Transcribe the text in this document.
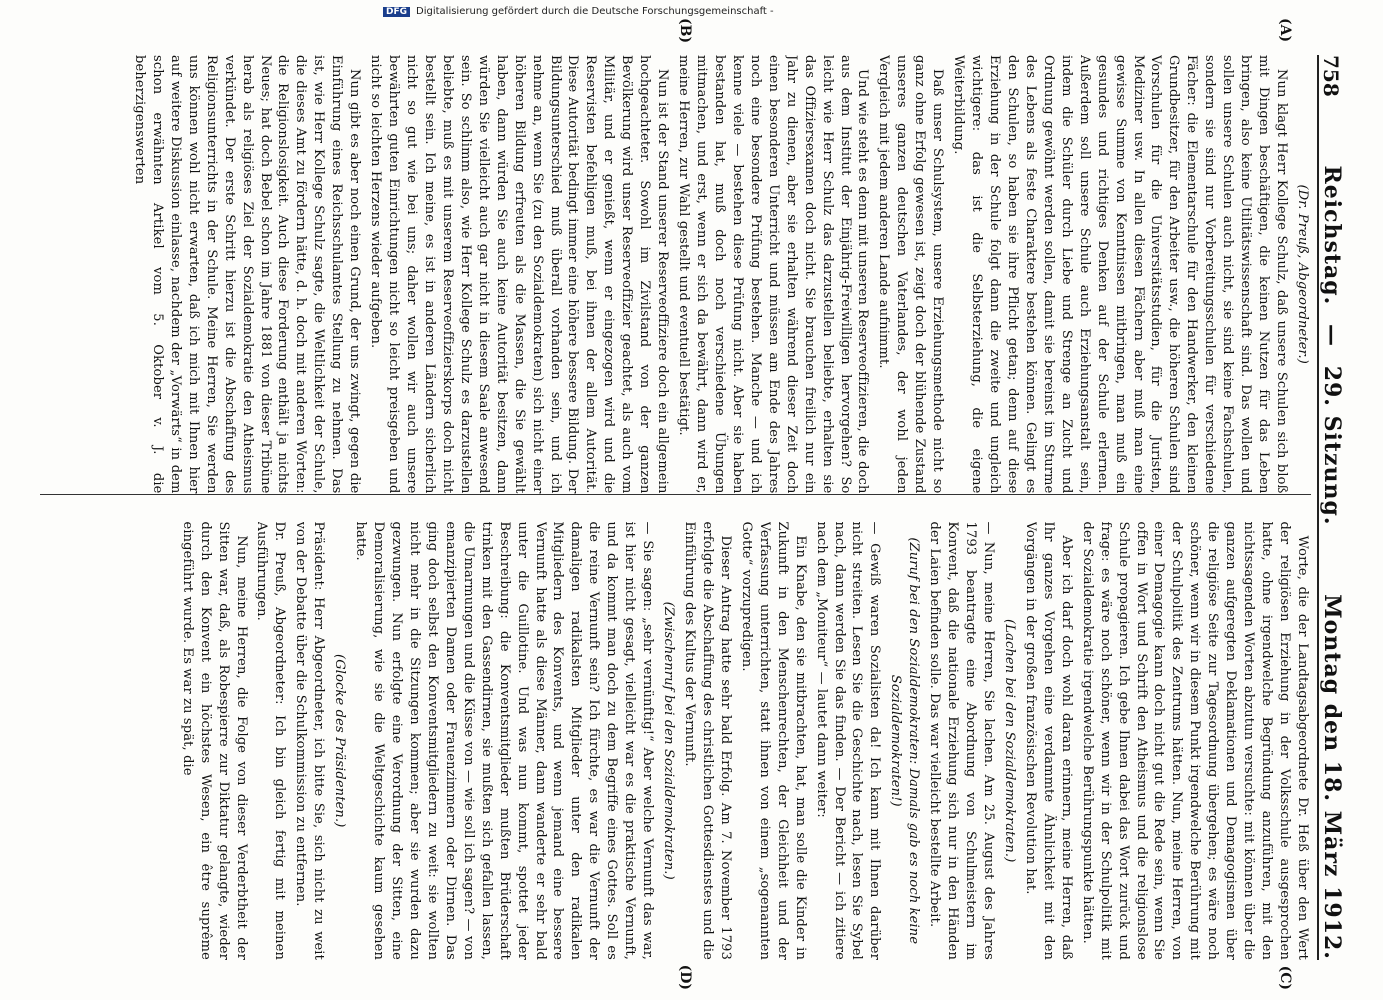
758
Reichstag. — 29. Sitzung.
Montag den 18. März 1912.
(A)
(B)
(C)
(D)

(Dr. Preuß, Abgeordneter.)

Nun klagt Herr Kollege Schulz, daß unsere Schulen sich bloß mit Dingen beschäftigen, die keinen Nutzen für das Leben bringen, also keine Utilitätswissenschaft sind. Das wollen und sollen unsere Schulen auch nicht, sie sind keine Fachschulen, sondern sie sind nur Vorbereitungsschulen für verschiedene Fächer: die Elementarschule für den Handwerker, den kleinen Grundbesitzer, für den Arbeiter usw., die höheren Schulen sind Vorschulen für die Universitätsstudien, für die Juristen, Mediziner usw. In allen diesen Fächern aber muß man eine gewisse Summe von Kenntnissen mitbringen, man muß ein gesundes und richtiges Denken auf der Schule erlernen. Außerdem soll unsere Schule auch Erziehungsanstalt sein, indem die Schüler durch Liebe und Strenge an Zucht und Ordnung gewöhnt werden sollen, damit sie bereinst im Sturme des Lebens als feste Charaktere bestehen können. Gelingt es den Schulen, so haben sie ihre Pflicht getan; denn auf diese Erziehung in der Schule folgt dann die zweite und ungleich wichtigere: das ist die Selbsterziehung, die eigene Weiterbildung.

Daß unser Schulsystem, unsere Erziehungsmethode nicht so ganz ohne Erfolg gewesen ist, zeigt doch der blühende Zustand unseres ganzen deutschen Vaterlandes, der wohl jeden Vergleich mit jedem anderen Lande aufnimmt.

Und wie steht es denn mit unseren Reserveoffizieren, die doch aus dem Institut der Einjährig-Freiwilligen hervorgehen? So leicht wie Herr Schulz das darzustellen beliebte, erhalten sie das Offiziersexamen doch nicht. Sie brauchen freilich nur ein Jahr zu dienen, aber sie erhalten während dieser Zeit doch einen besonderen Unterricht und müssen am Ende des Jahres noch eine besondere Prüfung bestehen. Manche — und ich kenne viele — bestehen diese Prüfung nicht. Aber sie haben bestanden hat, muß doch noch verschiedene Übungen mitmachen, und erst, wenn er sich da bewährt, dann wird er, meine Herren, zur Wahl gestellt und eventuell bestätigt.

Nun ist der Stand unserer Reserveoffiziere doch ein allgemein hochgeachteter. Sowohl im Zivilstand von der ganzen Bevölkerung wird unser Reserveoffizier geachtet, als auch vom Militär, und er genießt, wenn er eingezogen wird und die Reservisten befehligen muß, bei ihnen der allem Autorität. Diese Autorität bedingt immer eine höhere bessere Bildung. Der Bildungsunterschied muß überall vorhanden sein, und ich nehme an, wenn Sie (zu den Sozialdemokraten) sich nicht einer höheren Bildung erfreuten als die Massen, die Sie gewählt haben, dann würden Sie auch keine Autorität besitzen, dann würden Sie vielleicht auch gar nicht in diesem Saale anwesend sein. So schlimm also, wie Herr Kollege Schulz es darzustellen beliebte, muß es mit unserem Reserveoffizierskorps doch nicht bestellt sein. Ich meine, es ist in anderen Ländern sicherlich nicht so gut wie bei uns; daher wollen wir auch unsere bewährten guten Einrichtungen nicht so leicht preisgeben und nicht so leichten Herzens wieder aufgeben.

Nun gibt es aber noch einen Grund, der uns zwingt, gegen die Einführung eines Reichsschulamtes Stellung zu nehmen. Das ist, wie Herr Kollege Schulz sagte, die Weltlichkeit der Schule, die dieses Amt zu fördern hätte, d. h. doch mit anderen Worten: die Religionslosigkeit. Auch diese Forderung enthält ja nichts Neues; hat doch Bebel schon im Jahre 1881 von dieser Tribüne herab als religiöses Ziel der Sozialdemokratie den Atheismus verkündet. Der erste Schritt hierzu ist die Abschaffung des Religionsunterrichts in der Schule. Meine Herren, Sie werden uns können wohl nicht erwarten, daß ich mich mit Ihnen hier auf weitere Diskussion einlasse, nachdem der „Vorwärts“ in dem schon erwähnten Artikel vom 5. Oktober v. J. die beherzigenswerten

Worte, die der Landtagsabgeordnete Dr. Heß über den Wert der religiösen Erziehung in der Volksschule ausgesprochen hatte, ohne irgendwelche Begründung anzuführen, mit den nichtssagenden Worten abzutun versuchte: mit können über die ganzen aufgeregten Deklamationen und Demagogismen über die religiöse Seite zur Tagesordnung übergehen; es wäre noch schöner, wenn wir in diesem Punkt irgendwelche Berührung mit der Schulpolitik des Zentrums hätten. Nun, meine Herren, von einer Demagogie kann doch nicht gut die Rede sein, wenn Sie offen in Wort und Schrift den Atheismus und die religionslose Schule propagieren. Ich gebe Ihnen dabei das Wort zurück und frage: es wäre noch schöner, wenn wir in der Schulpolitik mit der Sozialdemokratie irgendwelche Berührungspunkte hätten.

Aber ich darf doch wohl daran erinnern, meine Herren, daß Ihr ganzes Vorgehen eine verdammte Ähnlichkeit mit den Vorgängen in der großen französischen Revolution hat.

(Lachen bei den Sozialdemokraten.)

— Nun, meine Herren, Sie lachen. Am 25. August des Jahres 1793 beantragte eine Abordnung von Schulmeistern im Konvent, daß die nationale Erziehung sich nur in den Händen der Laien befinden solle. Das war vielleicht bestellte Arbeit.

(Zuruf bei den Sozialdemokraten: Damals gab es noch keine Sozialdemokraten!)

— Gewiß waren Sozialisten da! Ich kann mit Ihnen darüber nicht streiten. Lesen Sie die Geschichte nach, lesen Sie Sybel nach, dann werden Sie das finden. — Der Bericht — ich zitiere nach dem „Moniteur“ — lautet dann weiter:

Ein Knabe, den sie mitbrachten, hat, man solle die Kinder in Zukunft in den Menschenrechten, der Gleichheit und der Verfassung unterrichten, statt ihnen von einem „sogenannten Gotte“ vorzupredigen.

Dieser Antrag hatte sehr bald Erfolg. Am 7. November 1793 erfolgte die Abschaffung des christlichen Gottesdienstes und die Einführung des Kultus der Vernunft.

(Zwischenruf bei den Sozialdemokraten.)

— Sie sagen: „sehr vernünftig!“ Aber welche Vernunft das war, ist hier nicht gesagt, vielleicht war es die praktische Vernunft, und da kommt man doch zu dem Begriffe eines Gottes. Soll es die reine Vernunft sein? Ich fürchte, es war die Vernunft der damaligen radikalsten Mitglieder unter den radikalen Mitgliedern des Konvents, und wenn jemand eine bessere Vernunft hatte als diese Männer, dann wanderte er sehr bald unter die Guillotine. Und was nun kommt, spottet jeder Beschreibung: die Konventsmitglieder mußten Brüderschaft trinken mit den Gassendirnen, sie mußten sich gefallen lassen, die Umarmungen und die Küsse von — wie soll ich sagen? — von emanzipierten Damen oder Frauenzimmern oder Dirnen. Das ging doch selbst den Konventsmitgliedern zu weit: sie wollten nicht mehr in die Sitzungen kommen; aber sie wurden dazu gezwungen. Nun erfolgte eine Verordnung der Sitten, eine Demoralisierung, wie sie die Weltgeschichte kaum gesehen hatte.

(Glocke des Präsidenten.)

Präsident: Herr Abgeordneter, ich bitte Sie, sich nicht zu weit von der Debatte über die Schulkommission zu entfernen.

Dr. Preuß, Abgeordneter: Ich bin gleich fertig mit meinen Ausführungen.

Nun, meine Herren, die Folge von dieser Verderbtheit der Sitten war, daß, als Robespierre zur Diktatur gelangte, wieder durch den Konvent ein höchstes Wesen, ein être suprême eingeführt wurde. Es war zu spät, die

DFG Digitalisierung gefördert durch die Deutsche Forschungsgemeinschaft -
